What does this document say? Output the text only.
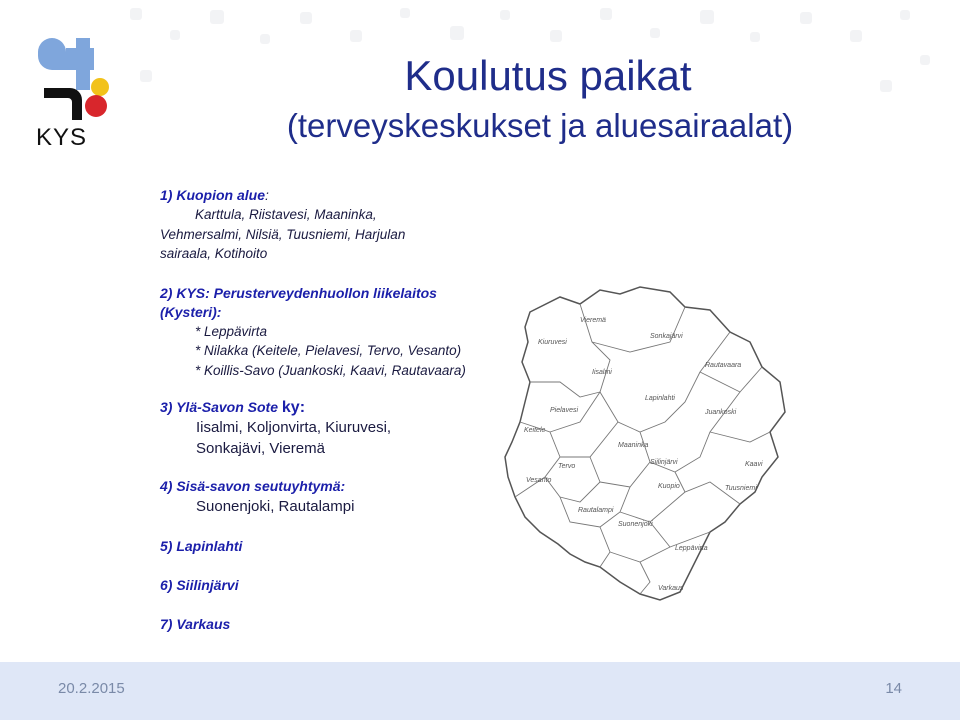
KYS
Koulutus paikat
(terveyskeskukset ja aluesairaalat)
1) Kuopion alue:
Karttula, Riistavesi, Maaninka,
Vehmersalmi, Nilsiä, Tuusniemi, Harjulan
sairaala, Kotihoito
2) KYS: Perusterveydenhuollon liikelaitos
(Kysteri):
* Leppävirta
* Nilakka (Keitele, Pielavesi, Tervo, Vesanto)
* Koillis-Savo (Juankoski, Kaavi, Rautavaara)
3) Ylä-Savon Sote ky:
Iisalmi, Koljonvirta, Kiuruvesi,
Sonkajävi, Vieremä
4) Sisä-savon seutuyhtymä:
Suonenjoki, Rautalampi
5) Lapinlahti
6) Siilinjärvi
7) Varkaus
Vieremä
Kiuruvesi
Sonkajärvi
Iisalmi
Rautavaara
Lapinlahti
Pielavesi
Keitele
Juankoski
Maaninka
Siilinjärvi
Tervo	Kaavi
Vesanto
Kuopio	Tuusniemi
Rautalampi
Suonenjoki
Leppävirta
Varkaus
20.2.2015	14
